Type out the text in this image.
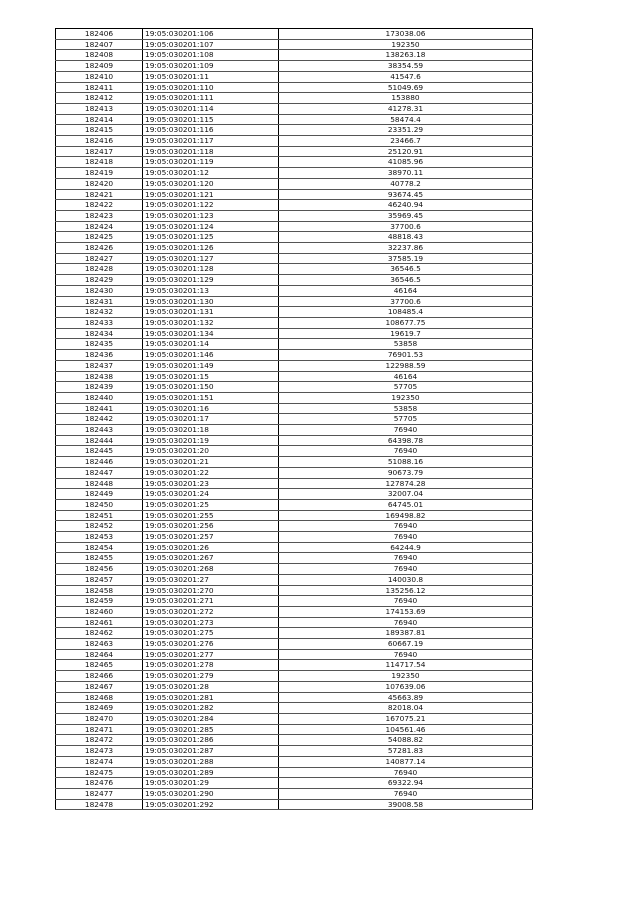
182406	19:05:030201:106	173038.06
182407	19:05:030201:107	192350
182408	19:05:030201:108	138263.18
182409	19:05:030201:109	38354.59
182410	19:05:030201:11	41547.6
182411	19:05:030201:110	51049.69
182412	19:05:030201:111	153880
182413	19:05:030201:114	41278.31
182414	19:05:030201:115	58474.4
182415	19:05:030201:116	23351.29
182416	19:05:030201:117	23466.7
182417	19:05:030201:118	25120.91
182418	19:05:030201:119	41085.96
182419	19:05:030201:12	38970.11
182420	19:05:030201:120	40778.2
182421	19:05:030201:121	93674.45
182422	19:05:030201:122	46240.94
182423	19:05:030201:123	35969.45
182424	19:05:030201:124	37700.6
182425	19:05:030201:125	48818.43
182426	19:05:030201:126	32237.86
182427	19:05:030201:127	37585.19
182428	19:05:030201:128	36546.5
182429	19:05:030201:129	36546.5
182430	19:05:030201:13	46164
182431	19:05:030201:130	37700.6
182432	19:05:030201:131	108485.4
182433	19:05:030201:132	108677.75
182434	19:05:030201:134	19619.7
182435	19:05:030201:14	53858
182436	19:05:030201:146	76901.53
182437	19:05:030201:149	122988.59
182438	19:05:030201:15	46164
182439	19:05:030201:150	57705
182440	19:05:030201:151	192350
182441	19:05:030201:16	53858
182442	19:05:030201:17	57705
182443	19:05:030201:18	76940
182444	19:05:030201:19	64398.78
182445	19:05:030201:20	76940
182446	19:05:030201:21	51088.16
182447	19:05:030201:22	90673.79
182448	19:05:030201:23	127874.28
182449	19:05:030201:24	32007.04
182450	19:05:030201:25	64745.01
182451	19:05:030201:255	169498.82
182452	19:05:030201:256	76940
182453	19:05:030201:257	76940
182454	19:05:030201:26	64244.9
182455	19:05:030201:267	76940
182456	19:05:030201:268	76940
182457	19:05:030201:27	140030.8
182458	19:05:030201:270	135256.12
182459	19:05:030201:271	76940
182460	19:05:030201:272	174153.69
182461	19:05:030201:273	76940
182462	19:05:030201:275	189387.81
182463	19:05:030201:276	60667.19
182464	19:05:030201:277	76940
182465	19:05:030201:278	114717.54
182466	19:05:030201:279	192350
182467	19:05:030201:28	107639.06
182468	19:05:030201:281	45663.89
182469	19:05:030201:282	82018.04
182470	19:05:030201:284	167075.21
182471	19:05:030201:285	104561.46
182472	19:05:030201:286	54088.82
182473	19:05:030201:287	57281.83
182474	19:05:030201:288	140877.14
182475	19:05:030201:289	76940
182476	19:05:030201:29	69322.94
182477	19:05:030201:290	76940
182478	19:05:030201:292	39008.58
